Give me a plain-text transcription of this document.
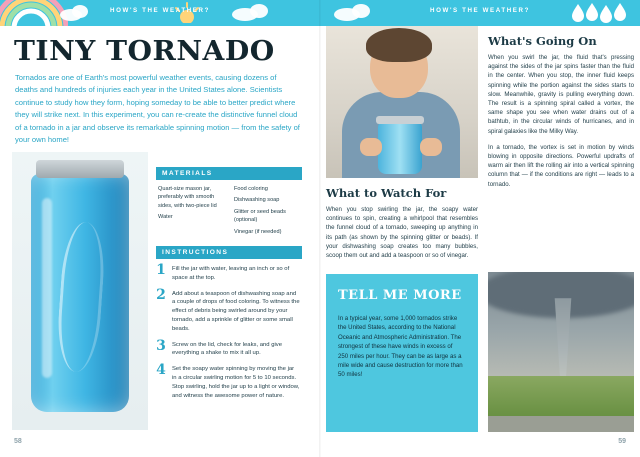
HOW'S THE WEATHER?
TINY TORNADO
Tornados are one of Earth's most powerful weather events, causing dozens of deaths and hundreds of injuries each year in the United States alone. Scientists continue to study how they form, hoping someday to be able to better predict where they will strike next. In this experiment, you can re-create the distinctive funnel cloud of a tornado in a jar and observe its remarkable spinning motion — from the safety of your own home!
MATERIALS
Quart-size mason jar, preferably with smooth sides, with two-piece lid
Water
Food coloring
Dishwashing soap
Glitter or seed beads (optional)
Vinegar (if needed)
INSTRUCTIONS
1 Fill the jar with water, leaving an inch or so of space at the top.
2 Add about a teaspoon of dishwashing soap and a couple of drops of food coloring. To witness the effect of debris being swirled around by your tornado, add a sprinkle of glitter or some small beads.
3 Screw on the lid, check for leaks, and give everything a shake to mix it all up.
4 Set the soapy water spinning by moving the jar in a circular swirling motion for 5 to 10 seconds. Stop swirling, hold the jar up to a light or window, and witness the awesome power of nature.
58
HOW'S THE WEATHER?
What to Watch For
When you stop swirling the jar, the soapy water continues to spin, creating a whirlpool that resembles the funnel cloud of a tornado, sweeping up anything in its path (as shown by the spinning glitter or beads). If your dishwashing soap creates too many bubbles, scoop them out and add a teaspoon or so of vinegar.
What's Going On

When you swirl the jar, the fluid that's pressing against the sides of the jar spins faster than the fluid in the center. When you stop, the inner fluid keeps spinning while the portion against the sides starts to slow. Meanwhile, gravity is pulling everything down. The result is a spinning spiral called a vortex, the same shape you see when water drains out of a bathtub, in the circular winds of hurricanes, and in spiral galaxies like the Milky Way.

In a tornado, the vortex is set in motion by winds blowing in opposite directions. Powerful updrafts of warm air then lift the rolling air into a vertical spinning column that — if the conditions are right — leads to a tornado.

TELL ME MORE
In a typical year, some 1,000 tornados strike the United States, according to the National Oceanic and Atmospheric Administration. The strongest of these have winds in excess of 250 miles per hour. They can be as large as a mile wide and cause destruction for more than 50 miles!
59
